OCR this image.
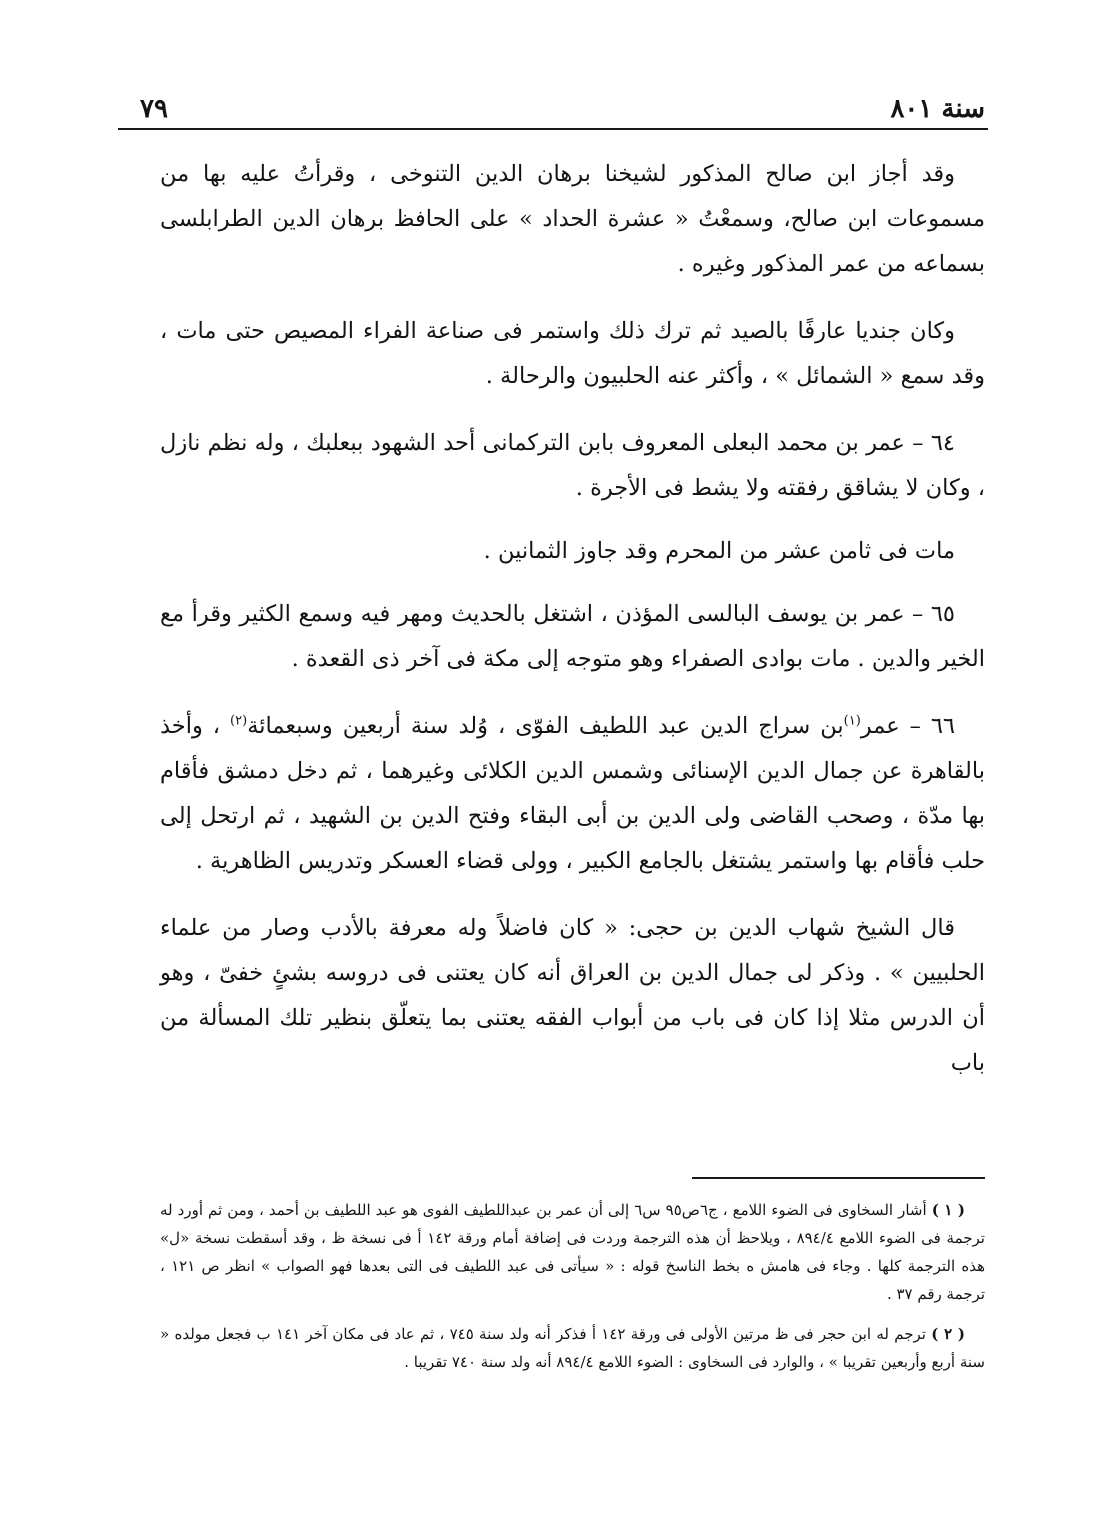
سنة ٨٠١
٧٩

وقد أجاز ابن صالح المذكور لشيخنا برهان الدين التنوخى ، وقرأتُ عليه بها من مسموعات ابن صالح، وسمعْتُ « عشرة الحداد » على الحافظ برهان الدين الطرابلسى بسماعه من عمر المذكور وغيره .

وكان جنديا عارفًا بالصيد ثم ترك ذلك واستمر فى صناعة الفراء المصيص حتى مات ، وقد سمع « الشمائل » ، وأكثر عنه الحلبيون والرحالة .

٦٤ – عمر بن محمد البعلى المعروف بابن التركمانى أحد الشهود ببعلبك ، وله نظم نازل ، وكان لا يشاقق رفقته ولا يشط فى الأجرة .

مات فى ثامن عشر من المحرم وقد جاوز الثمانين .

٦٥ – عمر بن يوسف البالسى المؤذن ، اشتغل بالحديث ومهر فيه وسمع الكثير وقرأ مع الخير والدين . مات بوادى الصفراء وهو متوجه إلى مكة فى آخر ذى القعدة .

٦٦ – عمر$^{(١)}$بن سراج الدين عبد اللطيف الفوّى ، وُلد سنة أربعين وسبعمائة$^{(٢)}$ ، وأخذ بالقاهرة عن جمال الدين الإسنائى وشمس الدين الكلائى وغيرهما ، ثم دخل دمشق فأقام بها مدّة ، وصحب القاضى ولى الدين بن أبى البقاء وفتح الدين بن الشهيد ، ثم ارتحل إلى حلب فأقام بها واستمر يشتغل بالجامع الكبير ، وولى قضاء العسكر وتدريس الظاهرية .

قال الشيخ شهاب الدين بن حجى: « كان فاضلاً وله معرفة بالأدب وصار من علماء الحلبيين » . وذكر لى جمال الدين بن العراق أنه كان يعتنى فى دروسه بشئٍ خفىّ ، وهو أن الدرس مثلا إذا كان فى باب من أبواب الفقه يعتنى بما يتعلّق بنظير تلك المسألة من باب

( ١ ) أشار السخاوى فى الضوء اللامع ، ج٦ص٩٥ س٦ إلى أن عمر بن عبداللطيف الفوى هو عبد اللطيف بن أحمد ، ومن ثم أورد له ترجمة فى الضوء اللامع ٨٩٤/٤ ، ويلاحظ أن هذه الترجمة وردت فى إضافة أمام ورقة ١٤٢ أ فى نسخة ظ ، وقد أسقطت نسخة «ل» هذه الترجمة كلها . وجاء فى هامش ه بخط الناسخ قوله : « سيأتى فى عبد اللطيف فى التى بعدها فهو الصواب » انظر ص ١٢١ ، ترجمة رقم ٣٧ .

( ٢ ) ترجم له ابن حجر فى ظ مرتين الأولى فى ورقة ١٤٢ أ فذكر أنه ولد سنة ٧٤٥ ، ثم عاد فى مكان آخر ١٤١ ب فجعل مولده « سنة أربع وأربعين تقريبا » ، والوارد فى السخاوى : الضوء اللامع ٨٩٤/٤ أنه ولد سنة ٧٤٠ تقريبا .
